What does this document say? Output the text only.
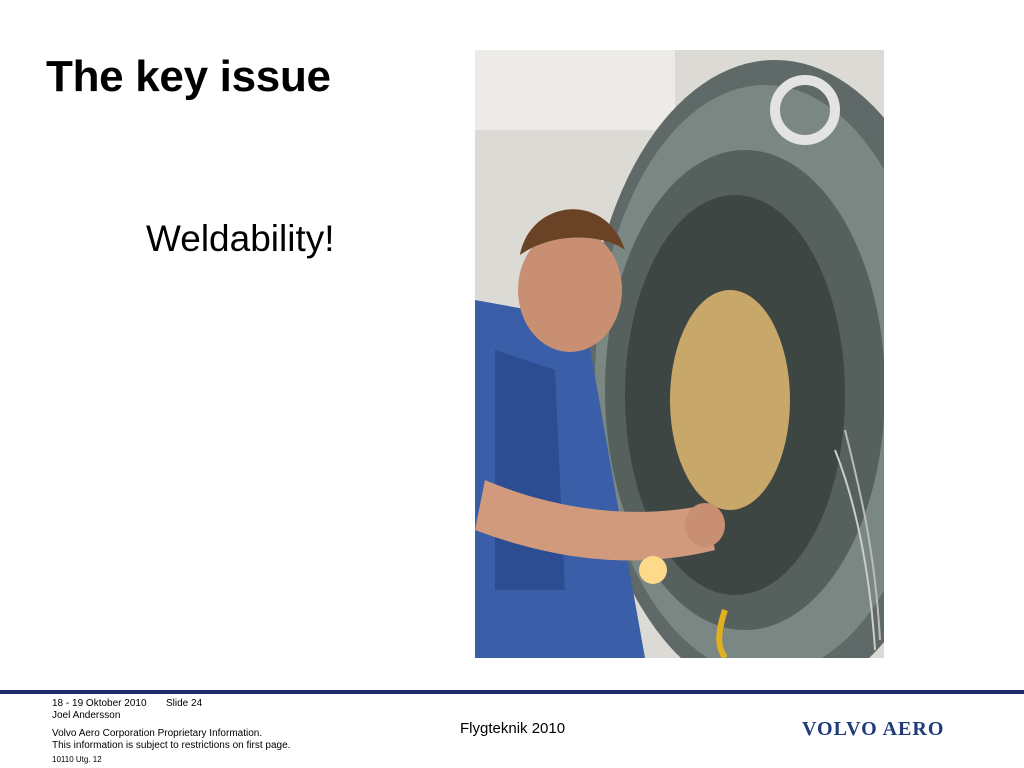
The key issue
Weldability!
18 - 19 Oktober 2010 Slide 24
Joel Andersson
Volvo Aero Corporation Proprietary Information.
This information is subject to restrictions on first page.
10110 Utg. 12
Flygteknik 2010	VOLVO AERO
